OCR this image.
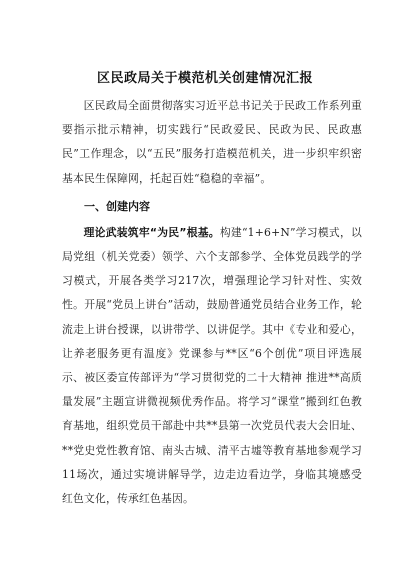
区民政局关于模范机关创建情况汇报

区民政局全面贯彻落实习近平总书记关于民政工作系列重要指示批示精神，切实践行“民政爱民、民政为民、民政惠民”工作理念，以“五民”服务打造模范机关，进一步织牢织密基本民生保障网，托起百姓“稳稳的幸福”。

一、创建内容

理论武装筑牢“为民”根基。构建“1+6+N”学习模式，以局党组（机关党委）领学、六个支部参学、全体党员践学的学习模式，开展各类学习217次，增强理论学习针对性、实效性。开展“党员上讲台”活动，鼓励普通党员结合业务工作，轮流走上讲台授课，以讲带学、以讲促学。其中《专业和爱心，让养老服务更有温度》党课参与**区“6个创优”项目评选展示、被区委宣传部评为“学习贯彻党的二十大精神 推进**高质量发展”主题宣讲微视频优秀作品。将学习“课堂”搬到红色教育基地，组织党员干部赴中共**县第一次党员代表大会旧址、**党史党性教育馆、南头古城、清平古墟等教育基地参观学习11场次，通过实境讲解导学，边走边看边学，身临其境感受红色文化，传承红色基因。
